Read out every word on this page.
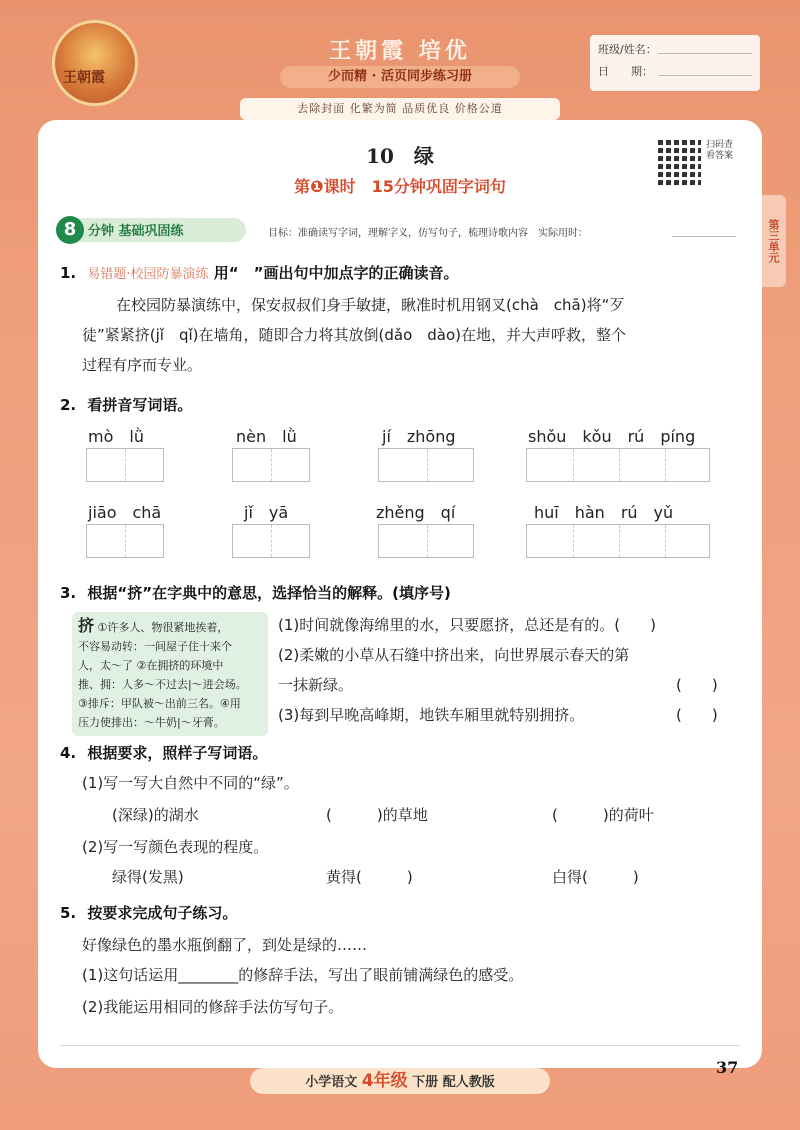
王朝霞
王朝霞 培优
少而精 · 活页同步练习册
去除封面 化繁为简 品质优良 价格公道
班级/姓名：
日　　期：
第三单元
10　绿	扫码查看答案
第❶课时　15分钟巩固字词句
8 分钟 基础巩固练	目标：准确读写字词，理解字义，仿写句子，梳理诗歌内容　实际用时：
1. 易错题·校园防暴演练 用“　”画出句中加点字的正确读音。
在校园防暴演练中，保安叔叔们身手敏捷，瞅准时机用钢叉(chà　chā)将“歹
徒”紧紧挤(jǐ　qǐ)在墙角，随即合力将其放倒(dǎo　dào)在地，并大声呼救，整个
过程有序而专业。
2. 看拼音写词语。
mò　lǜ	nèn　lǜ	jí　zhōng	shǒu　kǒu　rú　píng
jiāo　chā	jǐ　yā	zhěng　qí	huī　hàn　rú　yǔ
3. 根据“挤”在字典中的意思，选择恰当的解释。(填序号)
挤 ①许多人、物很紧地挨着，
不容易动转：一间屋子住十来个
人，太～了 ②在拥挤的环境中
推、拥：人多～不过去|～进会场。
③排斥：甲队被～出前三名。④用
压力使排出：～牛奶|～牙膏。
(1)时间就像海绵里的水，只要愿挤，总还是有的。(　　)
(2)柔嫩的小草从石缝中挤出来，向世界展示春天的第
一抹新绿。
(3)每到早晚高峰期，地铁车厢里就特别拥挤。
(　　)
(　　)
4. 根据要求，照样子写词语。
(1)写一写大自然中不同的“绿”。
(深绿)的湖水	(　　　)的草地	(　　　)的荷叶
(2)写一写颜色表现的程度。
绿得(发黑)	黄得(　　　)	白得(　　　)
5. 按要求完成句子练习。
好像绿色的墨水瓶倒翻了，到处是绿的……
(1)这句话运用________的修辞手法，写出了眼前铺满绿色的感受。
(2)我能运用相同的修辞手法仿写句子。
小学语文 4年级 下册 配人教版
37
